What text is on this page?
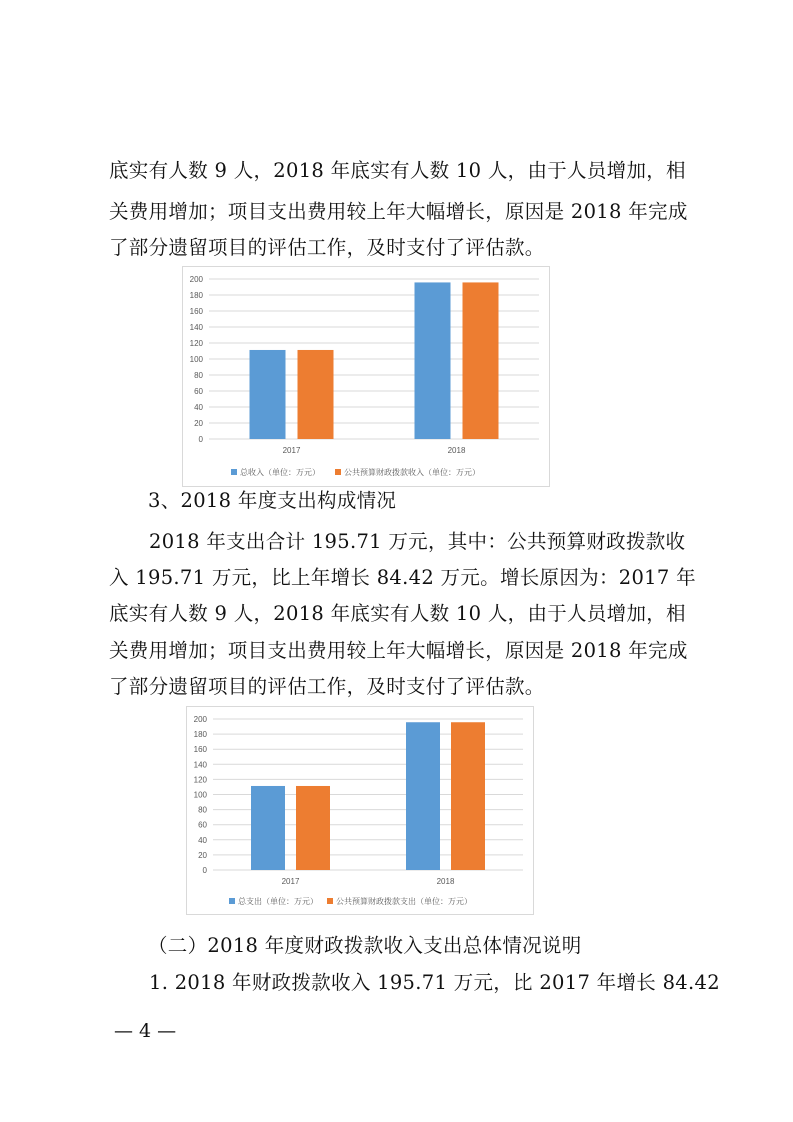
底实有人数 9 人，2018 年底实有人数 10 人，由于人员增加，相

关费用增加；项目支出费用较上年大幅增长，原因是 2018 年完成

了部分遗留项目的评估工作，及时支付了评估款。

0
20
40
60
80
100
120
140
160
180
200
2017	2018
总收入（单位：万元）	公共预算财政拨款收入（单位：万元）

3、2018 年度支出构成情况

2018 年支出合计 195.71 万元，其中：公共预算财政拨款收

入 195.71 万元，比上年增长 84.42 万元。增长原因为：2017 年

底实有人数 9 人，2018 年底实有人数 10 人，由于人员增加，相

关费用增加；项目支出费用较上年大幅增长，原因是 2018 年完成

了部分遗留项目的评估工作，及时支付了评估款。

0
20
40
60
80
100
120
140
160
180
200
2017	2018
总支出（单位：万元） 公共预算财政拨款支出（单位：万元）

（二）2018 年度财政拨款收入支出总体情况说明

1. 2018 年财政拨款收入 195.71 万元，比 2017 年增长 84.42

— 4 —
